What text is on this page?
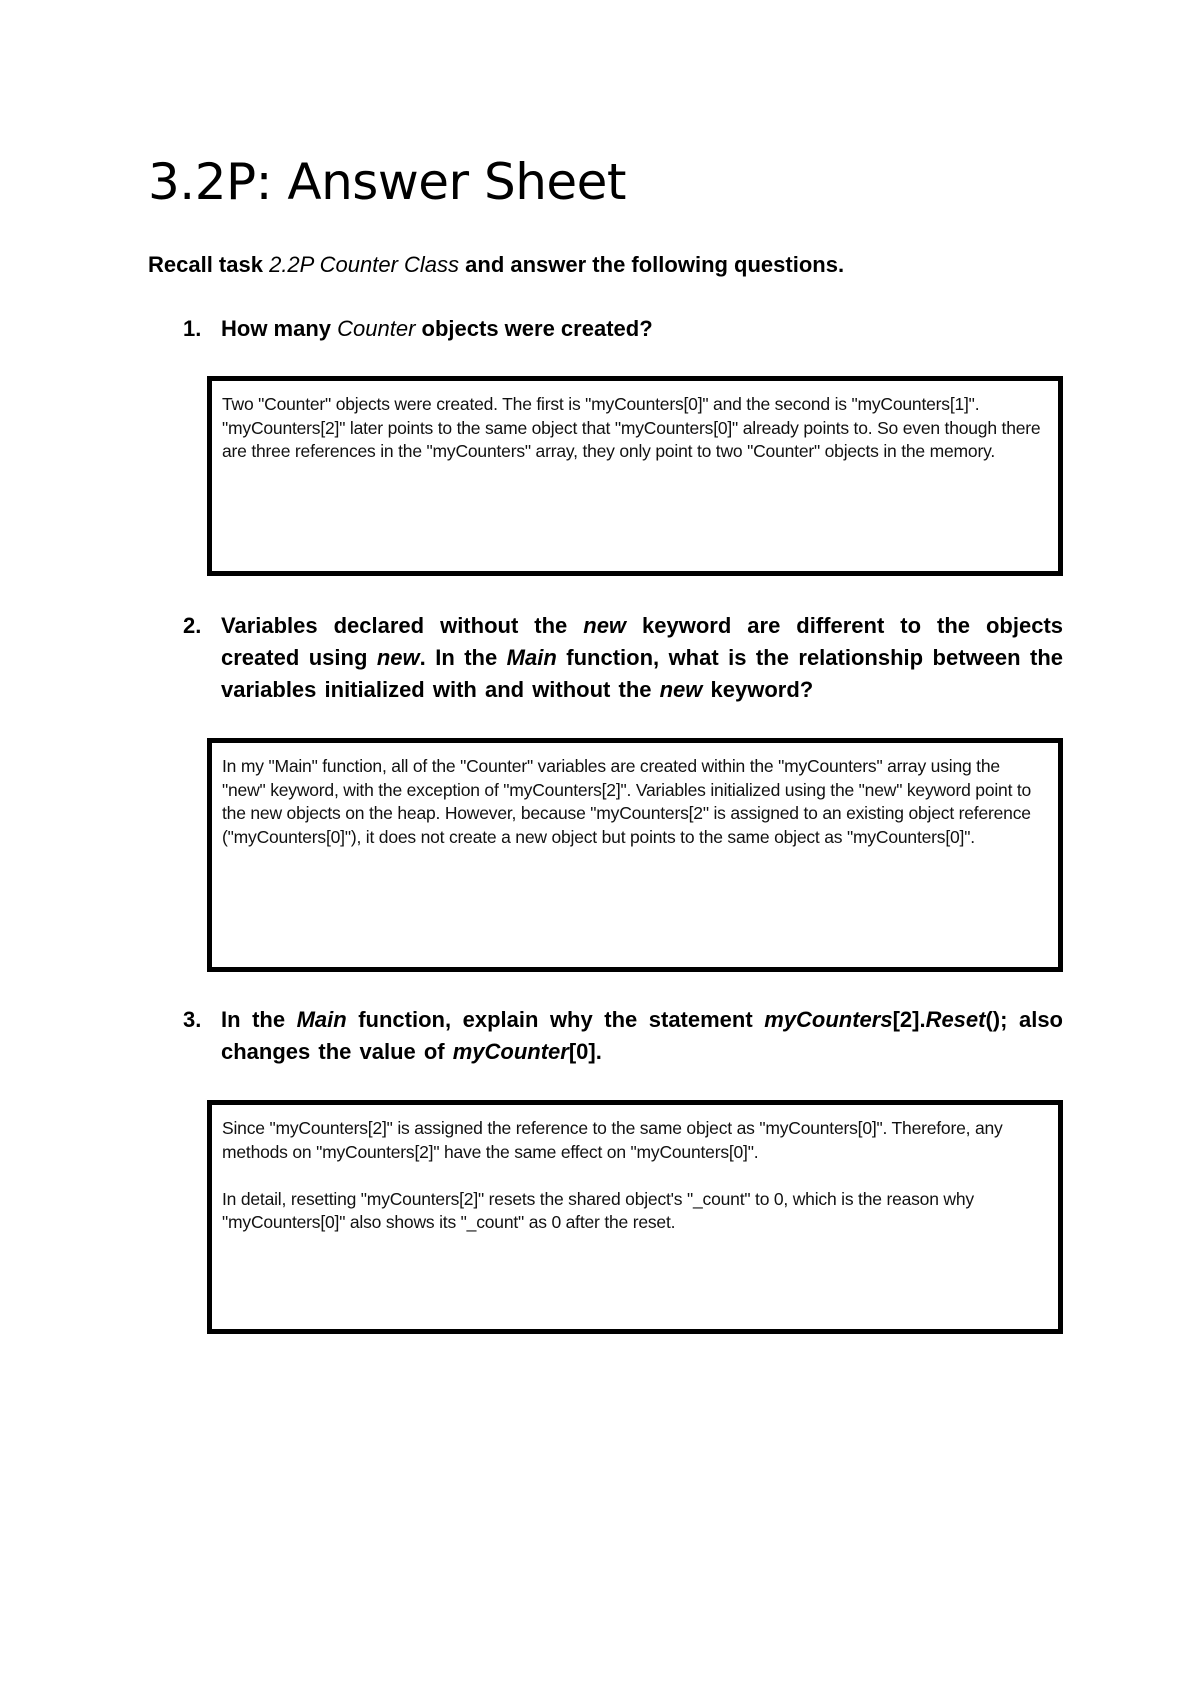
3.2P: Answer Sheet

Recall task 2.2P Counter Class and answer the following questions.

1. How many Counter objects were created?

Two "Counter" objects were created. The first is "myCounters[0]" and the second is "myCounters[1]". "myCounters[2]" later points to the same object that "myCounters[0]" already points to. So even though there are three references in the "myCounters" array, they only point to two "Counter" objects in the memory.

2. Variables declared without the new keyword are different to the objects created using new. In the Main function, what is the relationship between the variables initialized with and without the new keyword?

In my "Main" function, all of the "Counter" variables are created within the "myCounters" array using the "new" keyword, with the exception of "myCounters[2]". Variables initialized using the "new" keyword point to the new objects on the heap. However, because "myCounters[2" is assigned to an existing object reference ("myCounters[0]"), it does not create a new object but points to the same object as "myCounters[0]".

3. In the Main function, explain why the statement myCounters[2].Reset(); also changes the value of myCounter[0].

Since "myCounters[2]" is assigned the reference to the same object as "myCounters[0]". Therefore, any methods on "myCounters[2]" have the same effect on "myCounters[0]".

In detail, resetting "myCounters[2]" resets the shared object's "_count" to 0, which is the reason why "myCounters[0]" also shows its "_count" as 0 after the reset.
